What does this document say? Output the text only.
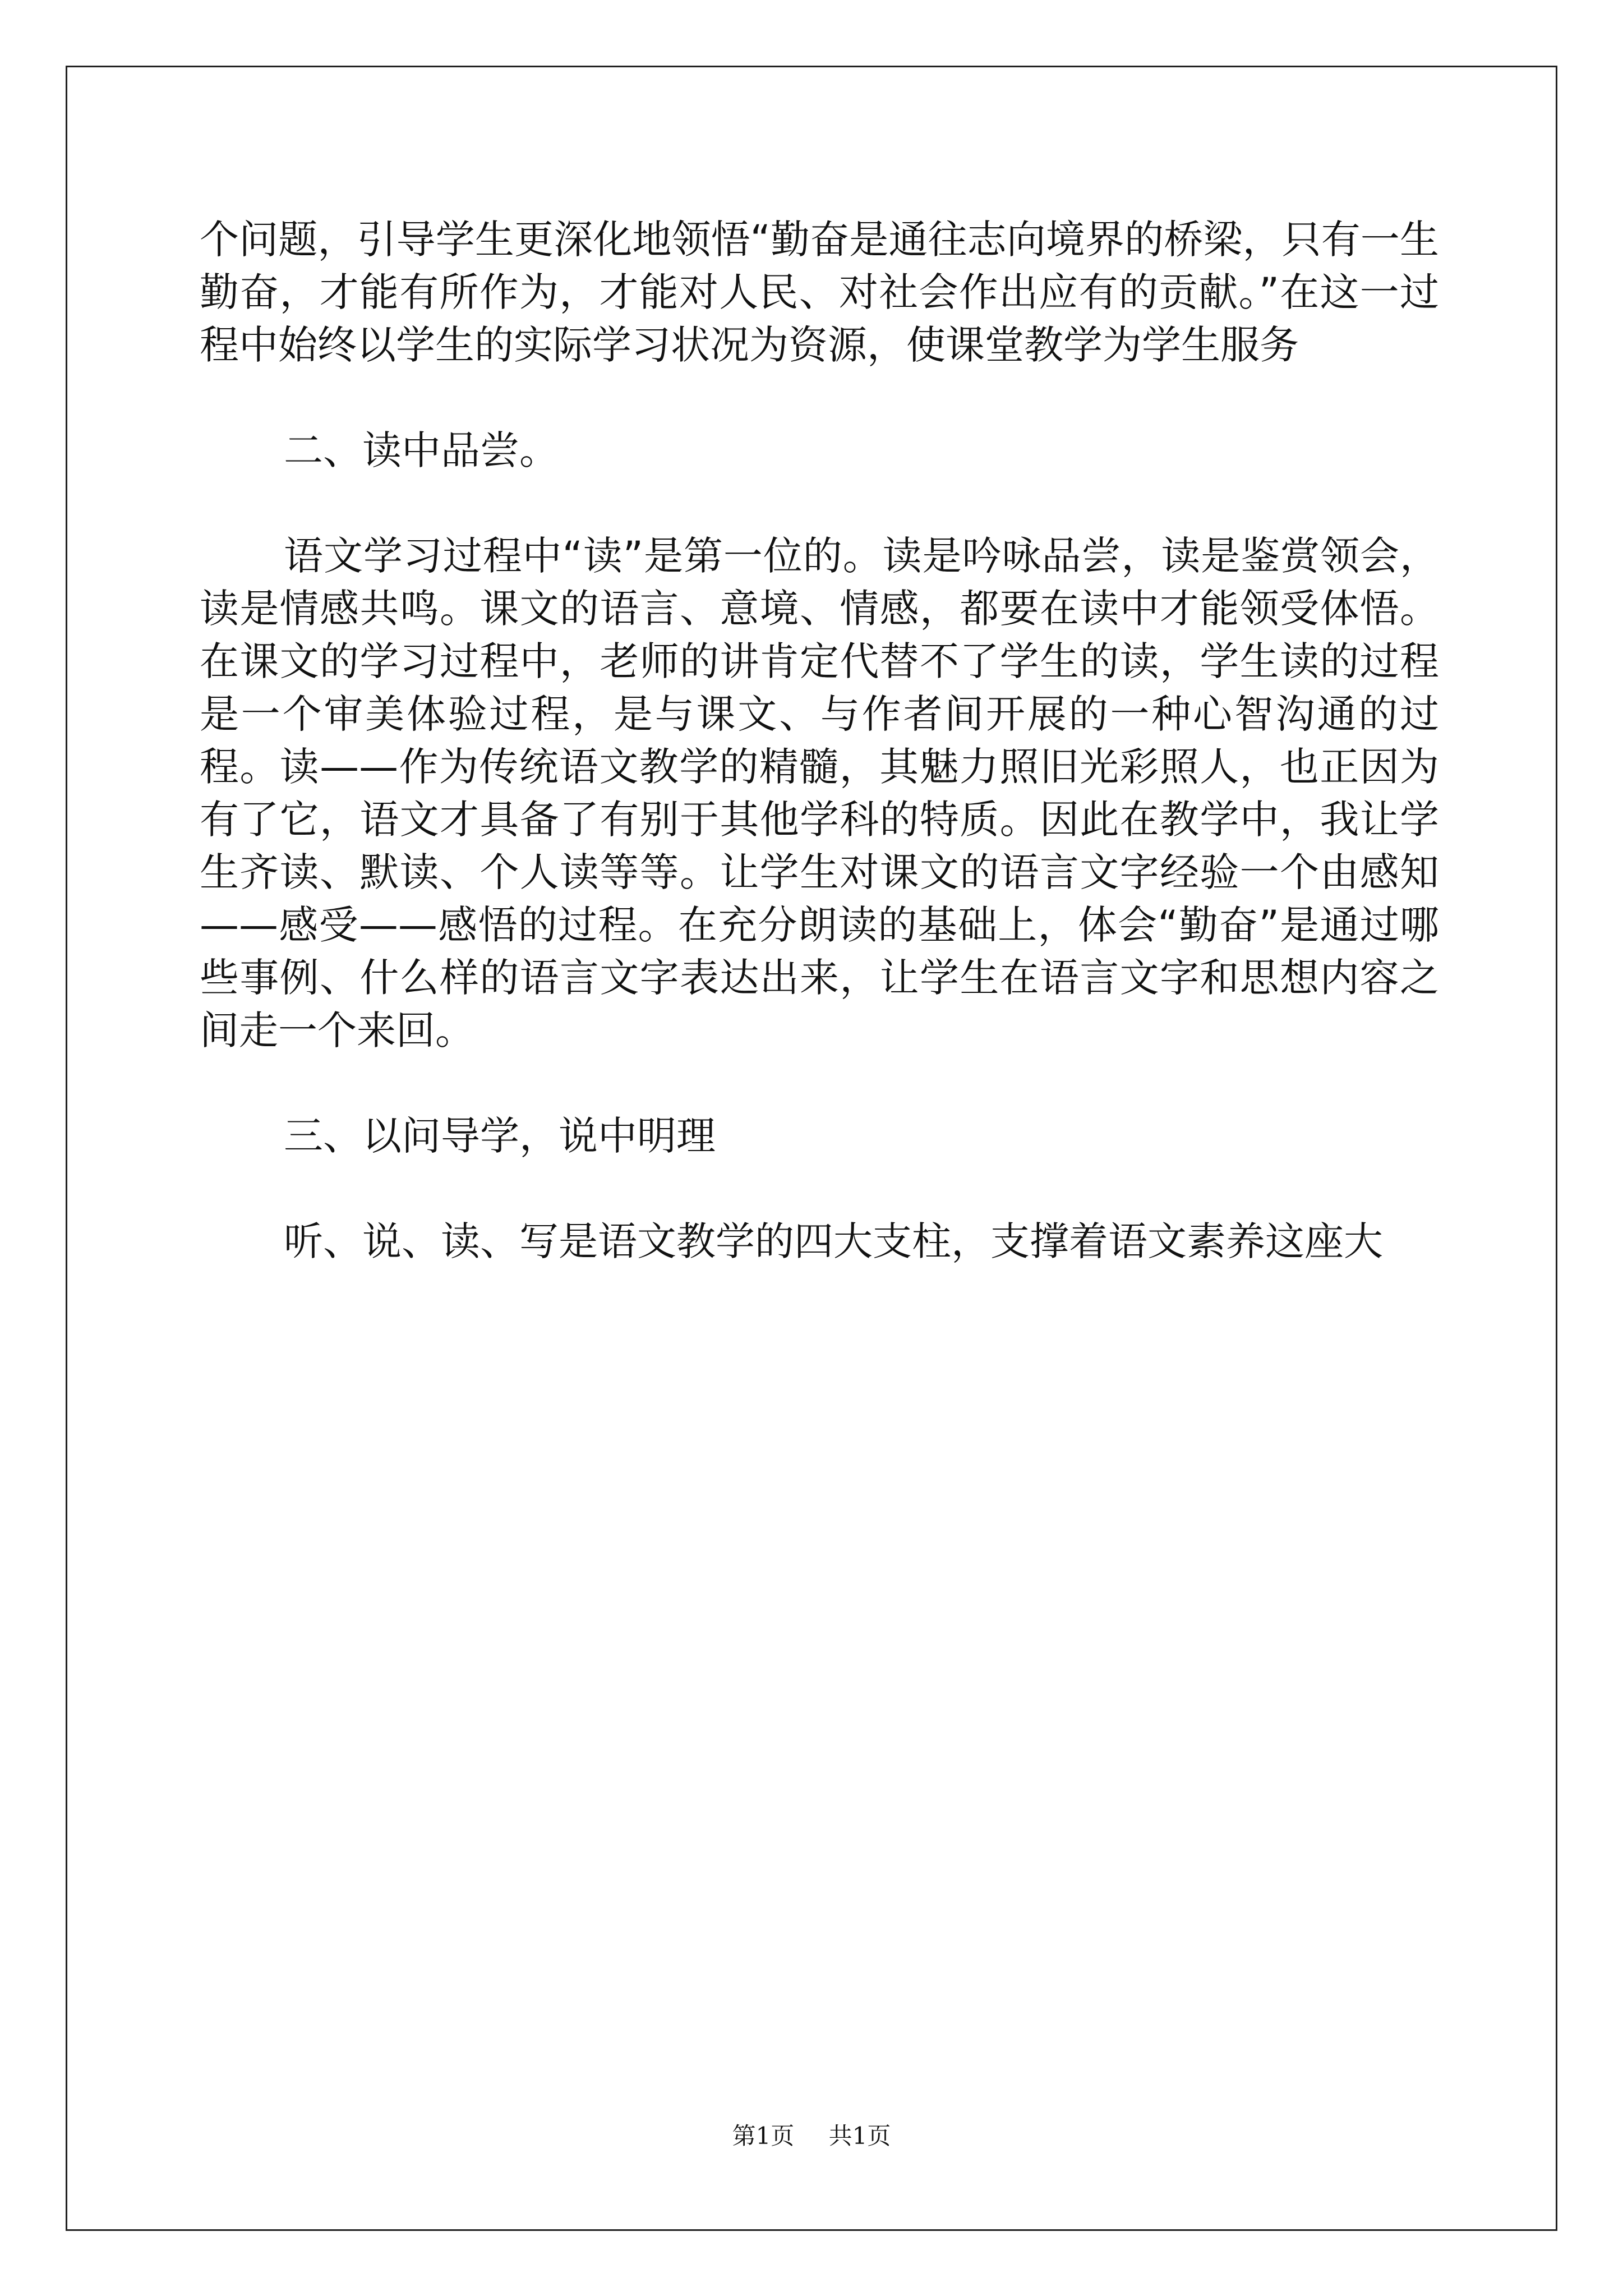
个问题，引导学生更深化地领悟“勤奋是通往志向境界的桥梁，只有一生勤奋，才能有所作为，才能对人民、对社会作出应有的贡献。”在这一过程中始终以学生的实际学习状况为资源，使课堂教学为学生服务

二、读中品尝。

语文学习过程中“读”是第一位的。读是吟咏品尝，读是鉴赏领会，读是情感共鸣。课文的语言、意境、情感，都要在读中才能领受体悟。在课文的学习过程中，老师的讲肯定代替不了学生的读，学生读的过程是一个审美体验过程，是与课文、与作者间开展的一种心智沟通的过程。读——作为传统语文教学的精髓，其魅力照旧光彩照人，也正因为有了它，语文才具备了有别于其他学科的特质。因此在教学中，我让学生齐读、默读、个人读等等。让学生对课文的语言文字经验一个由感知——感受——感悟的过程。在充分朗读的基础上，体会“勤奋”是通过哪些事例、什么样的语言文字表达出来，让学生在语言文字和思想内容之间走一个来回。

三、以问导学，说中明理

听、说、读、写是语文教学的四大支柱，支撑着语文素养这座大

第1页 共1页
